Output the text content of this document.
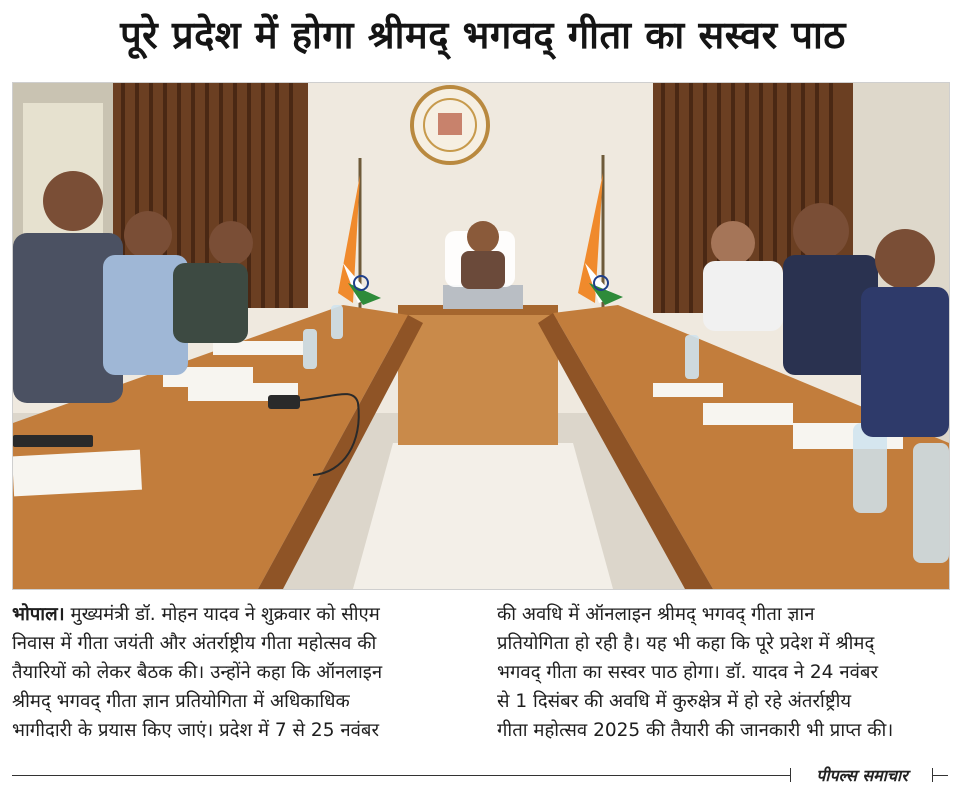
पूरे प्रदेश में होगा श्रीमद् भगवद् गीता का सस्वर पाठ
भोपाल। मुख्यमंत्री डॉ. मोहन यादव ने शुक्रवार को सीएम
निवास में गीता जयंती और अंतर्राष्ट्रीय गीता महोत्सव की
तैयारियों को लेकर बैठक की। उन्होंने कहा कि ऑनलाइन
श्रीमद् भगवद् गीता ज्ञान प्रतियोगिता में अधिकाधिक
भागीदारी के प्रयास किए जाएं। प्रदेश में 7 से 25 नवंबर
की अवधि में ऑनलाइन श्रीमद् भगवद् गीता ज्ञान
प्रतियोगिता हो रही है। यह भी कहा कि पूरे प्रदेश में श्रीमद्
भगवद् गीता का सस्वर पाठ होगा। डॉ. यादव ने 24 नवंबर
से 1 दिसंबर की अवधि में कुरुक्षेत्र में हो रहे अंतर्राष्ट्रीय
गीता महोत्सव 2025 की तैयारी की जानकारी भी प्राप्त की।
पीपल्स समाचार
